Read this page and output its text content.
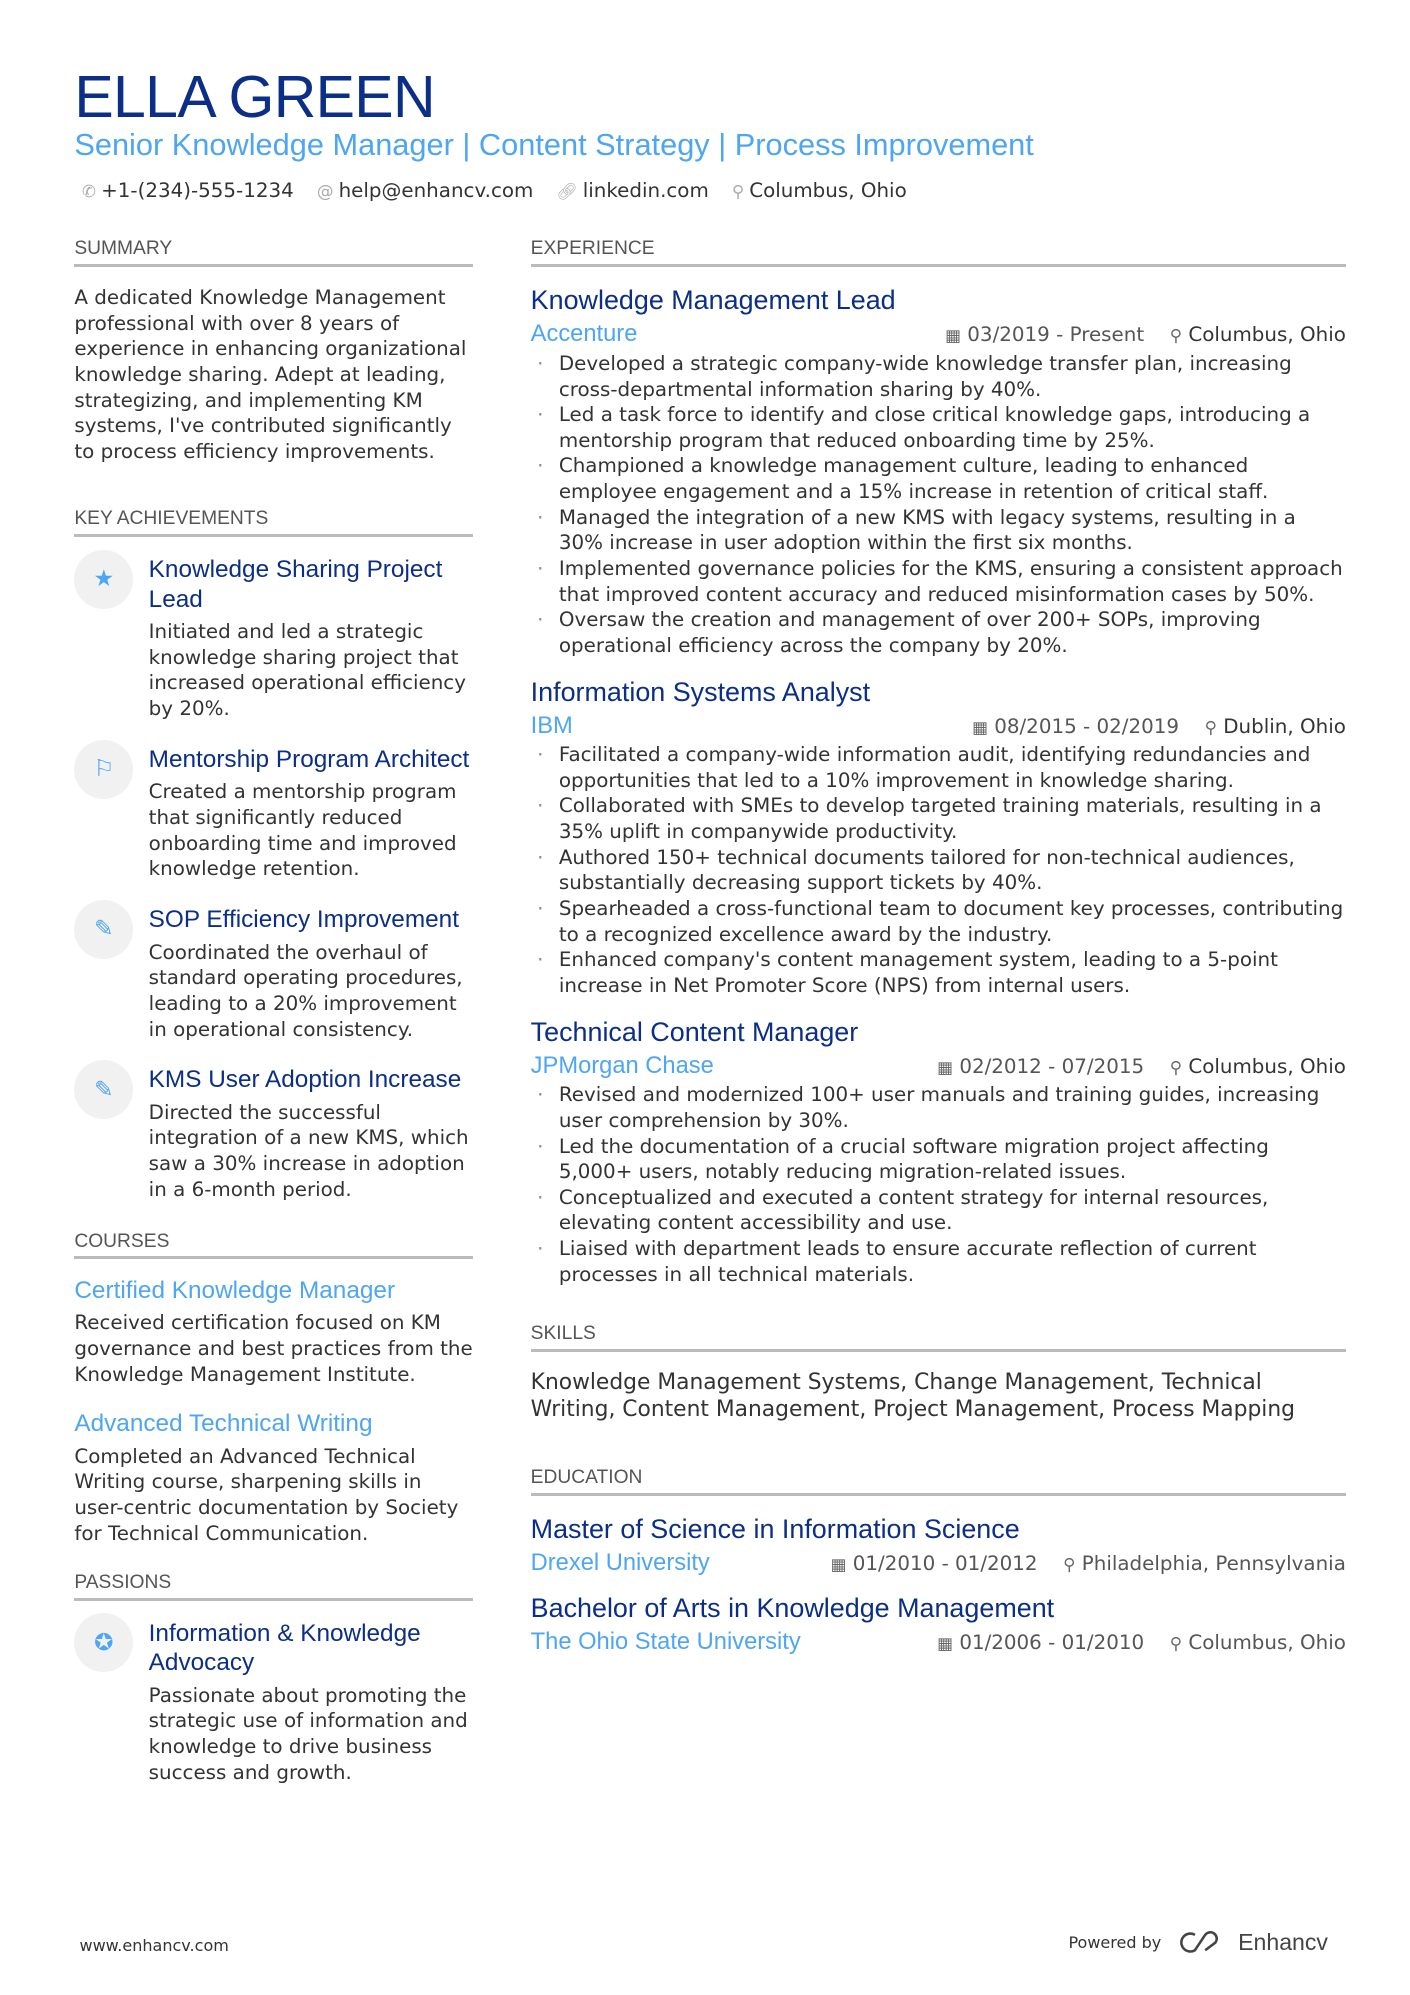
ELLA GREEN
Senior Knowledge Manager | Content Strategy | Process Improvement
✆ +1-(234)-555-1234 @ help@enhancv.com 🔗︎ linkedin.com ⚲ Columbus, Ohio
SUMMARY
A dedicated Knowledge Management professional with over 8 years of experience in enhancing organizational knowledge sharing. Adept at leading, strategizing, and implementing KM systems, I've contributed significantly to process efficiency improvements.
KEY ACHIEVEMENTS
★	Knowledge Sharing Project Lead
Initiated and led a strategic knowledge sharing project that increased operational efficiency by 20%.
⚐	Mentorship Program Architect
Created a mentorship program that significantly reduced onboarding time and improved knowledge retention.
✎	SOP Efficiency Improvement
Coordinated the overhaul of standard operating procedures, leading to a 20% improvement in operational consistency.
✎	KMS User Adoption Increase
Directed the successful integration of a new KMS, which saw a 30% increase in adoption in a 6-month period.
COURSES
Certified Knowledge Manager
Received certification focused on KM governance and best practices from the Knowledge Management Institute.
Advanced Technical Writing
Completed an Advanced Technical Writing course, sharpening skills in user-centric documentation by Society for Technical Communication.
PASSIONS
✪	Information & Knowledge Advocacy
Passionate about promoting the strategic use of information and knowledge to drive business success and growth.
EXPERIENCE
Knowledge Management Lead
Accenture	▦ 03/2019 - Present ⚲ Columbus, Ohio
· Developed a strategic company-wide knowledge transfer plan, increasing cross-departmental information sharing by 40%.
· Led a task force to identify and close critical knowledge gaps, introducing a mentorship program that reduced onboarding time by 25%.
· Championed a knowledge management culture, leading to enhanced employee engagement and a 15% increase in retention of critical staff.
· Managed the integration of a new KMS with legacy systems, resulting in a 30% increase in user adoption within the first six months.
· Implemented governance policies for the KMS, ensuring a consistent approach that improved content accuracy and reduced misinformation cases by 50%.
· Oversaw the creation and management of over 200+ SOPs, improving operational efficiency across the company by 20%.
Information Systems Analyst
IBM	▦ 08/2015 - 02/2019 ⚲ Dublin, Ohio
· Facilitated a company-wide information audit, identifying redundancies and opportunities that led to a 10% improvement in knowledge sharing.
· Collaborated with SMEs to develop targeted training materials, resulting in a 35% uplift in companywide productivity.
· Authored 150+ technical documents tailored for non-technical audiences, substantially decreasing support tickets by 40%.
· Spearheaded a cross-functional team to document key processes, contributing to a recognized excellence award by the industry.
· Enhanced company's content management system, leading to a 5-point increase in Net Promoter Score (NPS) from internal users.
Technical Content Manager
JPMorgan Chase	▦ 02/2012 - 07/2015 ⚲ Columbus, Ohio
· Revised and modernized 100+ user manuals and training guides, increasing user comprehension by 30%.
· Led the documentation of a crucial software migration project affecting 5,000+ users, notably reducing migration-related issues.
· Conceptualized and executed a content strategy for internal resources, elevating content accessibility and use.
· Liaised with department leads to ensure accurate reflection of current processes in all technical materials.
SKILLS
Knowledge Management Systems, Change Management, Technical Writing, Content Management, Project Management, Process Mapping
EDUCATION
Master of Science in Information Science
Drexel University	▦ 01/2010 - 01/2012 ⚲ Philadelphia, Pennsylvania
Bachelor of Arts in Knowledge Management
The Ohio State University	▦ 01/2006 - 01/2010 ⚲ Columbus, Ohio
www.enhancv.com	Powered by	Enhancv
